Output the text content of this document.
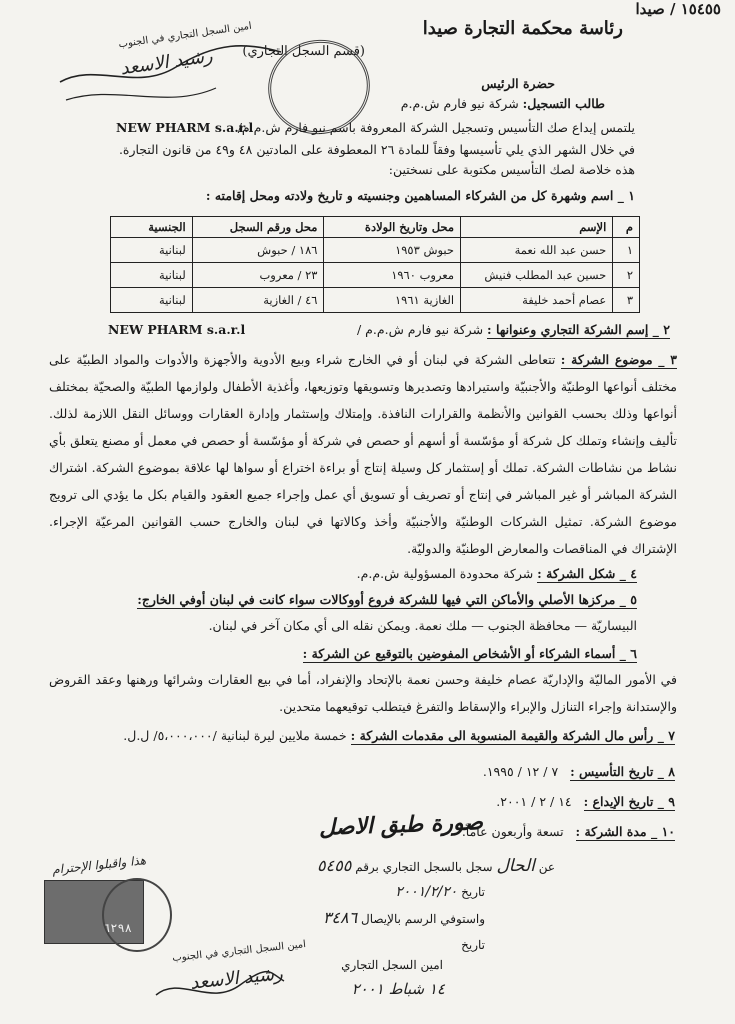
١٥٤٥٥ / صيدا
رئاسة محكمة التجارة صيدا
(قسم السجل التجاري)
امين السجل التجاري في الجنوب
رشيد الاسعد
حضرة الرئيس
طالب التسجيل: شركة نيو فارم ش.م.م
يلتمس إيداع صك التأسيس وتسجيل الشركة المعروفة باسم نيو فارم ش.م.م/
NEW PHARM s.a.r.l
في خلال الشهر الذي يلي تأسيسها وفقاً للمادة ٢٦ المعطوفة على المادتين ٤٨ و٤٩ من قانون التجارة.
هذه خلاصة لصك التأسيس مكتوبة على نسختين:
١ _ اسم وشهرة كل من الشركاء المساهمين وجنسيته و تاريخ ولادته ومحل إقامته :
م	الإسم	محل وتاريخ الولادة	محل ورقم السجل	الجنسية
١	حسن عبد الله نعمة	حبوش ١٩٥٣	١٨٦ / حبوش	لبنانية
٢	حسين عبد المطلب فنيش	معروب ١٩٦٠	٢٣ / معروب	لبنانية
٣	عصام أحمد خليفة	الغازية ١٩٦١	٤٦ / الغازية	لبنانية
٢ _ إسم الشركة التجاري وعنوانها : شركة نيو فارم ش.م.م /
NEW PHARM s.a.r.l
٣ _ موضوع الشركة : تتعاطى الشركة في لبنان أو في الخارج شراء وبيع الأدوية والأجهزة والأدوات والمواد الطبيّة على مختلف أنواعها الوطنيّة والأجنبيّة واستيرادها وتصديرها وتسويقها وتوزيعها، وأغذية الأطفال ولوازمها الطبيّة والصحيّة بمختلف أنواعها وذلك بحسب القوانين والأنظمة والقرارات النافذة. وإمتلاك وإستثمار وإدارة العقارات ووسائل النقل اللازمة لذلك. تأليف وإنشاء وتملك كل شركة أو مؤسّسة أو أسهم أو حصص في شركة أو مؤسّسة أو حصص في معمل أو مصنع يتعلق بأي نشاط من نشاطات الشركة. تملك أو إستثمار كل وسيلة إنتاج أو براءة اختراع أو سواها لها علاقة بموضوع الشركة. اشتراك الشركة المباشر أو غير المباشر في إنتاج أو تصريف أو تسويق أي عمل وإجراء جميع العقود والقيام بكل ما يؤدي الى ترويج موضوع الشركة. تمثيل الشركات الوطنيّة والأجنبيّة وأخذ وكالاتها في لبنان والخارج حسب القوانين المرعيّة الإجراء. الإشتراك في المناقصات والمعارض الوطنيّة والدوليّة.
٤ _ شكل الشركة : شركة محدودة المسؤولية ش.م.م.
٥ _ مركزها الأصلي والأماكن التي فيها للشركة فروع أووكالات سواء كانت في لبنان أوفي الخارج:
البيساريّة — محافظة الجنوب — ملك نعمة. ويمكن نقله الى أي مكان آخر في لبنان.
٦ _ أسماء الشركاء أو الأشخاص المفوضين بالتوقيع عن الشركة :
في الأمور الماليّة والإداريّة عصام خليفة وحسن نعمة بالإتحاد والإنفراد، أما في بيع العقارات وشرائها ورهنها وعقد القروض والإستدانة وإجراء التنازل والإبراء والإسقاط والتفرغ فيتطلب توقيعهما متحدين.
٧ _ رأس مال الشركة والقيمة المنسوبة الى مقدمات الشركة : خمسة ملايين ليرة لبنانية /٥،٠٠٠،٠٠٠/ ل.ل.
٨ _ تاريخ التأسيس :   ٧ / ١٢ / ١٩٩٥.
٩ _ تاريخ الإيداع :   ١٤ / ٢ / ٢٠٠١.
١٠ _ مدة الشركة :   تسعة وأربعون عاماً.
صورة طبق الاصل
عن الحال سجل بالسجل التجاري برقم ٥٤٥٥
تاريخ ٢٠٠١/٢/٢٠
واستوفي الرسم بالإيصال ٣٤٨٦
تاريخ
امين السجل التجاري
١٤ شباط ٢٠٠١
هذا واقبلوا الإحترام
٦٢٩٨
امين السجل التجاري في الجنوب
رشيد الاسعد
